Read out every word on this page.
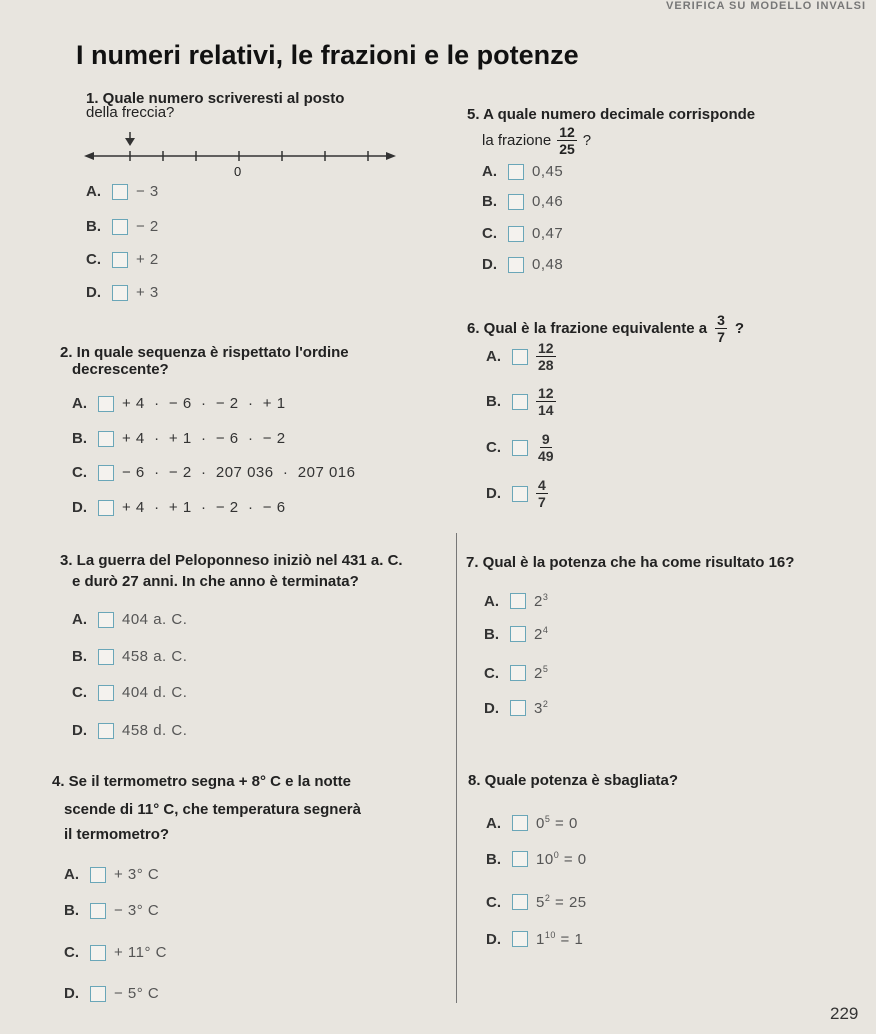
VERIFICA SU MODELLO INVALSI
I numeri relativi, le frazioni e le potenze
1. Quale numero scriveresti al posto
della freccia?
0
A.	− 3
B.	− 2
C.	+ 2
D.	+ 3
2. In quale sequenza è rispettato l'ordine
decrescente?
A.	+ 4  ·  − 6  ·  − 2  ·  + 1
B.	+ 4  ·  + 1  ·  − 6  ·  − 2
C.	− 6  ·  − 2  ·  207 036  ·  207 016
D.	+ 4  ·  + 1  ·  − 2  ·  − 6
3. La guerra del Peloponneso iniziò nel 431 a. C.
e durò 27 anni. In che anno è terminata?
A.	404 a. C.
B.	458 a. C.
C.	404 d. C.
D.	458 d. C.
4. Se il termometro segna + 8° C e la notte
scende di 11° C, che temperatura segnerà
il termometro?
A.	+ 3° C
B.	− 3° C
C.	+ 11° C
D.	− 5° C
5. A quale numero decimale corrisponde
la frazione $\frac{12}{25}$ ?
A.	0,45
B.	0,46
C.	0,47
D.	0,48
6. Qual è la frazione equivalente a $\frac{3}{7}$ ?
A.	$\frac{12}{28}$
B.	$\frac{12}{14}$
C.	$\frac{9}{49}$
D.	$\frac{4}{7}$
7. Qual è la potenza che ha come risultato 16?
A.	$2^3$
B.	$2^4$
C.	$2^5$
D.	$3^2$
8. Quale potenza è sbagliata?
A.	$0^5 = 0$
B.	$10^0 = 0$
C.	$5^2 = 25$
D.	$1^{10} = 1$
229
